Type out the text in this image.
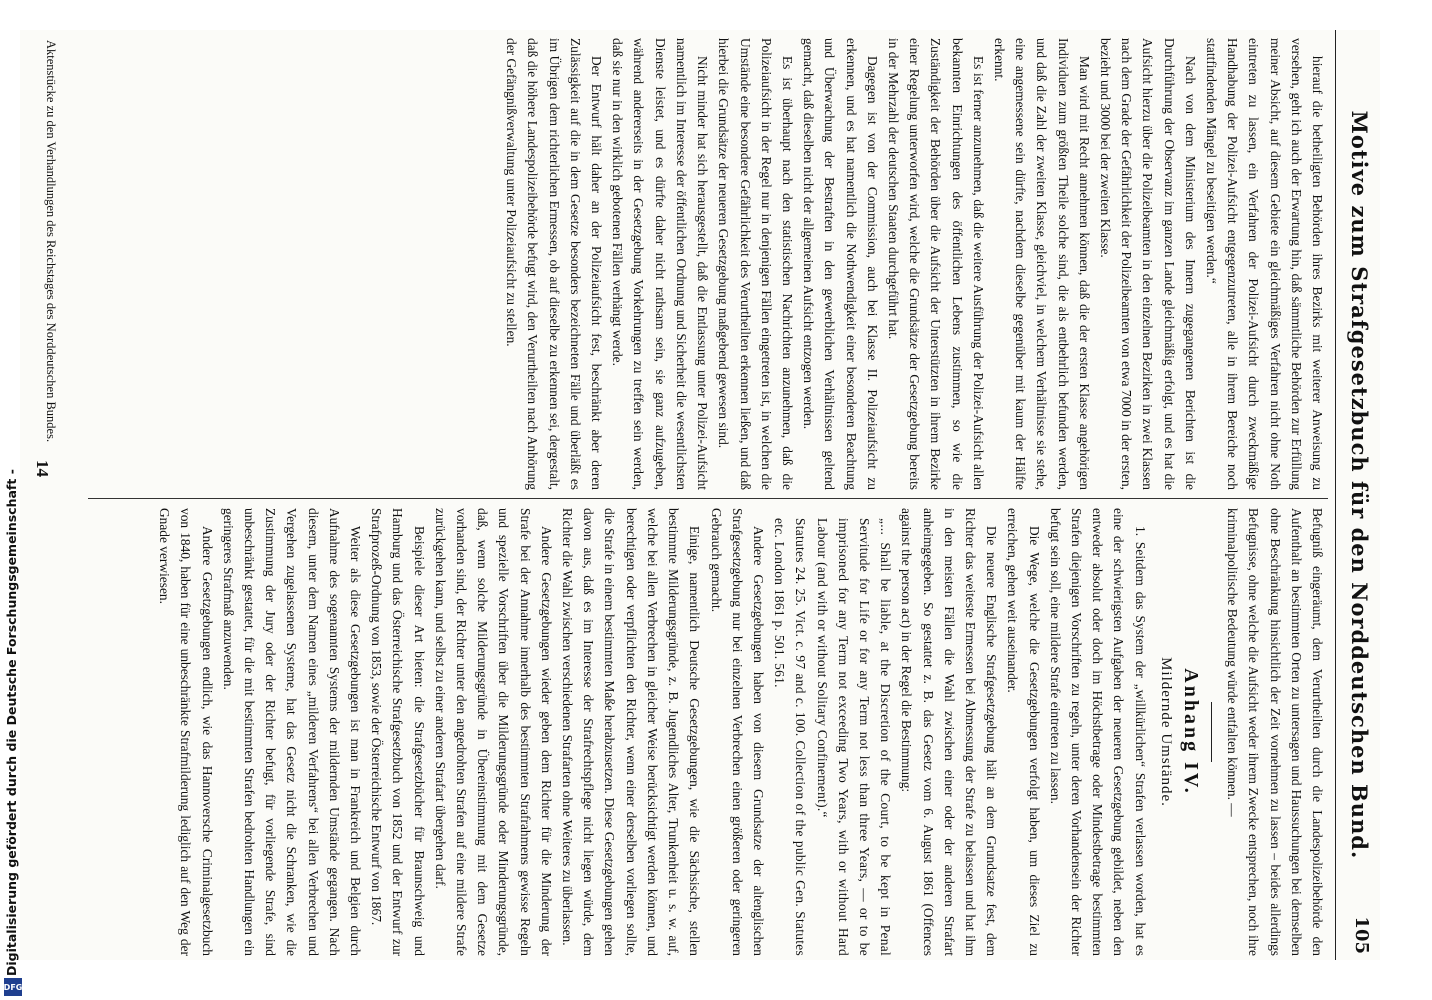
Motive zum Strafgesetzbuch für den Norddeutschen Bund.
105

hierauf die betheiligten Behörden ihres Bezirks mit weiterer Anweisung zu versehen, geht ich auch der Erwartung hin, daß sämmtliche Behörden zur Erfüllung meiner Absicht, auf diesem Gebiete ein gleichmäßiges Verfahren nicht ohne Noth eintreten zu lassen, ein Verfahren der Polizei-Aufsicht durch zweckmäßige Handhabung der Polizei-Aufsicht entgegenzutreten, alle in ihrem Bereiche noch stattfindenden Mängel zu beseitigen werden.“

Nach von dem Ministerium des Innern zugegangenen Berichten ist die Durchführung der Observanz im ganzen Lande gleichmäßig erfolgt, und es hat die Aufsicht hierzu über die Polizeibeamten in den einzelnen Bezirken in zwei Klassen nach dem Grade der Gefährlichkeit der Polizeibeamten von etwa 7000 in der ersten, bezieht und 3000 bei der zweiten Klasse.

Man wird mit Recht annehmen können, daß die der ersten Klasse angehörigen Individuen zum größten Theile solche sind, die als entbehrlich befunden werden, und daß die Zahl der zweiten Klasse, gleichviel, in welchem Verhältnisse sie stehe, eine angemessene sein dürfte, nachdem dieselbe gegenüber mit kaum der Hälfte erkennt.

Es ist ferner anzunehmen, daß die weitere Ausführung der Polizei-Aufsicht allen bekannten Einrichtungen des öffentlichen Lebens zustimmen, so wie die Zuständigkeit der Behörden über die Aufsicht der Unterstützten in ihrem Bezirke einer Regelung unterworfen wird, welche die Grundsätze der Gesetzgebung bereits in der Mehrzahl der deutschen Staaten durchgeführt hat.

Dagegen ist von der Commission, auch bei Klasse II. Polizeiaufsicht zu erkennen, und es hat namentlich die Nothwendigkeit einer besonderen Beachtung und Überwachung der Bestraften in den gewerblichen Verhältnissen geltend gemacht, daß dieselben nicht der allgemeinen Aufsicht entzogen werden.

Es ist überhaupt nach den statistischen Nachrichten anzunehmen, daß die Polizeiaufsicht in der Regel nur in denjenigen Fällen eingetreten ist, in welchen die Umstände eine besondere Gefährlichkeit des Verurtheilten erkennen ließen, und daß hierbei die Grundsätze der neueren Gesetzgebung maßgebend gewesen sind.

Nicht minder hat sich herausgestellt, daß die Entlassung unter Polizei-Aufsicht namentlich im Interesse der öffentlichen Ordnung und Sicherheit die wesentlichsten Dienste leistet, und es dürfte daher nicht rathsam sein, sie ganz aufzugeben, während andererseits in der Gesetzgebung Vorkehrungen zu treffen sein werden, daß sie nur in den wirklich gebotenen Fällen verhängt werde.

Der Entwurf hält daher an der Polizeiaufsicht fest, beschränkt aber deren Zulässigkeit auf die in dem Gesetze besonders bezeichneten Fälle und überläßt es im Übrigen dem richterlichen Ermessen, ob auf dieselbe zu erkennen sei, dergestalt, daß die höhere Landespolizeibehörde befugt wird, den Verurtheilten nach Anhörung der Gefängnißverwaltung unter Polizeiaufsicht zu stellen.

Befugniß eingeräumt, dem Verurtheilten durch die Landespolizeibehörde den Aufenthalt an bestimmten Orten zu untersagen und Haussuchungen bei demselben ohne Beschränkung hinsichtlich der Zeit vornehmen zu lassen – beides allerdings Befugnisse, ohne welche die Aufsicht weder ihrem Zwecke entsprechen, noch ihre kriminalpolitische Bedeutung würde entfalten können. —

Anhang IV.

Mildernde Umstände.

1. Seitdem das System der „willkürlichen“ Strafen verlassen worden, hat es eine der schwierigsten Aufgaben der neueren Gesetzgebung gebildet, neben den entweder absolut oder doch im Höchstbetrage oder Mindestbetrage bestimmten Strafen diejenigen Vorschriften zu regeln, unter deren Vorhandensein der Richter befugt sein soll, eine mildere Strafe eintreten zu lassen.

Die Wege, welche die Gesetzgebungen verfolgt haben, um dieses Ziel zu erreichen, gehen weit auseinander.

Die neuere Englische Strafgesetzgebung hält an dem Grundsatze fest, dem Richter das weiteste Ermessen bei Abmessung der Strafe zu belassen und hat ihm in den meisten Fällen die Wahl zwischen einer oder der anderen Strafart anheimgegeben. So gestattet z. B. das Gesetz vom 6. August 1861 (Offences against the person act) in der Regel die Bestimmung:

„... Shall be liable, at the Discretion of the Court, to be kept in Penal Servitude for Life or for any Term not less than three Years, — or to be imprisoned for any Term not exceeding Two Years, with or without Hard Labour (and with or without Solitary Confinement).“

Statutes 24. 25. Vict. c. 97 and c. 100. Collection of the public Gen. Statutes etc. London 1861 p. 501. 561.

Andere Gesetzgebungen haben von diesem Grundsatze der altenglischen Strafgesetzgebung nur bei einzelnen Verbrechen einen größeren oder geringeren Gebrauch gemacht.

Einige, namentlich Deutsche Gesetzgebungen, wie die Sächsische, stellen bestimmte Milderungsgründe, z. B. Jugendliches Alter, Trunkenheit u. s. w. auf, welche bei allen Verbrechen in gleicher Weise berücksichtigt werden können, und berechtigen oder verpflichten den Richter, wenn einer derselben vorliegen sollte, die Strafe in einem bestimmten Maße herabzusetzen. Diese Gesetzgebungen gehen davon aus, daß es im Interesse der Strafrechtspflege nicht liegen würde, dem Richter die Wahl zwischen verschiedenen Strafarten ohne Weiteres zu überlassen.

Andere Gesetzgebungen wieder geben dem Richter für die Minderung der Strafe bei der Annahme innerhalb des bestimmten Strafrahmens gewisse Regeln und spezielle Vorschriften über die Milderungsgründe oder Minderungsgründe, daß, wenn solche Milderungsgründe in Übereinstimmung mit dem Gesetze vorhanden sind, der Richter unter den angedrohten Strafen auf eine mildere Strafe zurückgehen kann, und selbst zu einer anderen Strafart übergehen darf.

Beispiele dieser Art bieten: die Strafgesetzbücher für Braunschweig und Hamburg und das Österreichische Strafgesetzbuch von 1852 und der Entwurf zur Strafprozeß-Ordnung von 1853, sowie der Österreichische Entwurf von 1867.

Weiter als diese Gesetzgebungen ist man in Frankreich und Belgien durch Aufnahme des sogenannten Systems der mildernden Umstände gegangen. Nach diesem, unter dem Namen eines „milderen Verfahrens“ bei allen Verbrechen und Vergehen zugelassenen Systeme, hat das Gesetz nicht die Schranken, wie die Zustimmung der Jury oder der Richter befugt, für vorliegende Strafe, sind unbeschränkt gestattet, für die mit bestimmten Strafen bedrohten Handlungen ein geringeres Strafmaß anzuwenden.

Andere Gesetzgebungen endlich, wie das Hannoversche Criminalgesetzbuch von 1840, haben für eine unbeschränkte Strafmilderung lediglich auf den Weg der Gnade verwiesen.

Aktenstücke zu den Verhandlungen des Reichstages des Norddeutschen Bundes.
14
Digitalisierung gefördert durch die Deutsche Forschungsgemeinschaft -
DFG
